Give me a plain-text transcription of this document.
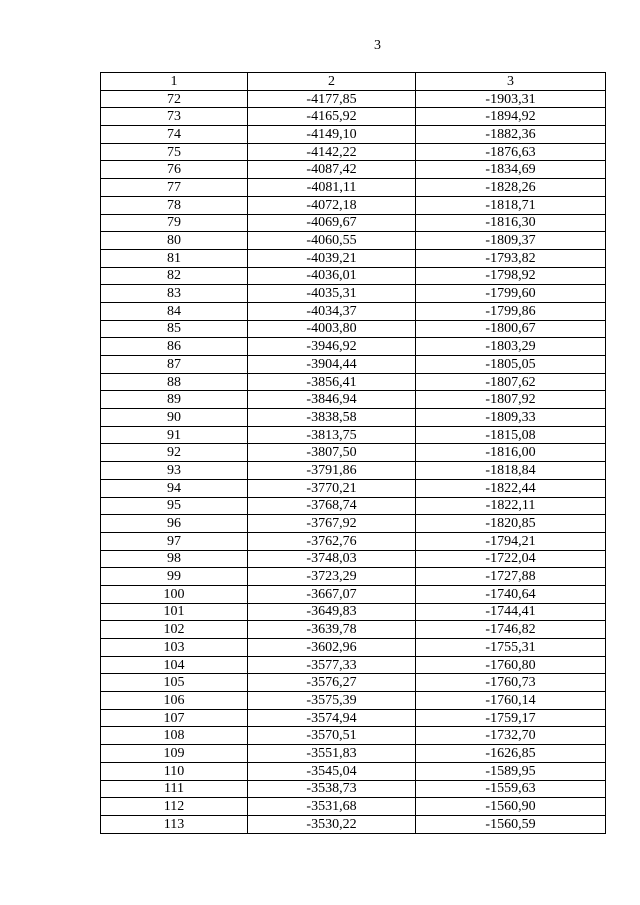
3
1	2	3
72	-4177,85	-1903,31
73	-4165,92	-1894,92
74	-4149,10	-1882,36
75	-4142,22	-1876,63
76	-4087,42	-1834,69
77	-4081,11	-1828,26
78	-4072,18	-1818,71
79	-4069,67	-1816,30
80	-4060,55	-1809,37
81	-4039,21	-1793,82
82	-4036,01	-1798,92
83	-4035,31	-1799,60
84	-4034,37	-1799,86
85	-4003,80	-1800,67
86	-3946,92	-1803,29
87	-3904,44	-1805,05
88	-3856,41	-1807,62
89	-3846,94	-1807,92
90	-3838,58	-1809,33
91	-3813,75	-1815,08
92	-3807,50	-1816,00
93	-3791,86	-1818,84
94	-3770,21	-1822,44
95	-3768,74	-1822,11
96	-3767,92	-1820,85
97	-3762,76	-1794,21
98	-3748,03	-1722,04
99	-3723,29	-1727,88
100	-3667,07	-1740,64
101	-3649,83	-1744,41
102	-3639,78	-1746,82
103	-3602,96	-1755,31
104	-3577,33	-1760,80
105	-3576,27	-1760,73
106	-3575,39	-1760,14
107	-3574,94	-1759,17
108	-3570,51	-1732,70
109	-3551,83	-1626,85
110	-3545,04	-1589,95
111	-3538,73	-1559,63
112	-3531,68	-1560,90
113	-3530,22	-1560,59
